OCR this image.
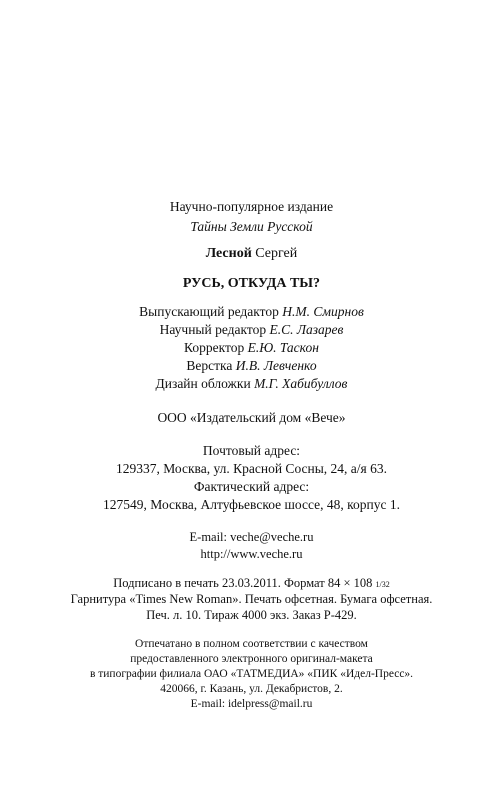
Научно-популярное издание
Тайны Земли Русской
Лесной Сергей
РУСЬ, ОТКУДА ТЫ?
Выпускающий редактор Н.М. Смирнов
Научный редактор Е.С. Лазарев
Корректор Е.Ю. Таскон
Верстка И.В. Левченко
Дизайн обложки М.Г. Хабибуллов
ООО «Издательский дом «Вече»
Почтовый адрес:
129337, Москва, ул. Красной Сосны, 24, а/я 63.
Фактический адрес:
127549, Москва, Алтуфьевское шоссе, 48, корпус 1.
E-mail: veche@veche.ru
http://www.veche.ru
Подписано в печать 23.03.2011. Формат 84 × 108 1/32
Гарнитура «Times New Roman». Печать офсетная. Бумага офсетная.
Печ. л. 10. Тираж 4000 экз. Заказ Р-429.
Отпечатано в полном соответствии с качеством
предоставленного электронного оригинал-макета
в типографии филиала ОАО «ТАТМЕДИА» «ПИК «Идел-Пресс».
420066, г. Казань, ул. Декабристов, 2.
E-mail: idelpress@mail.ru
